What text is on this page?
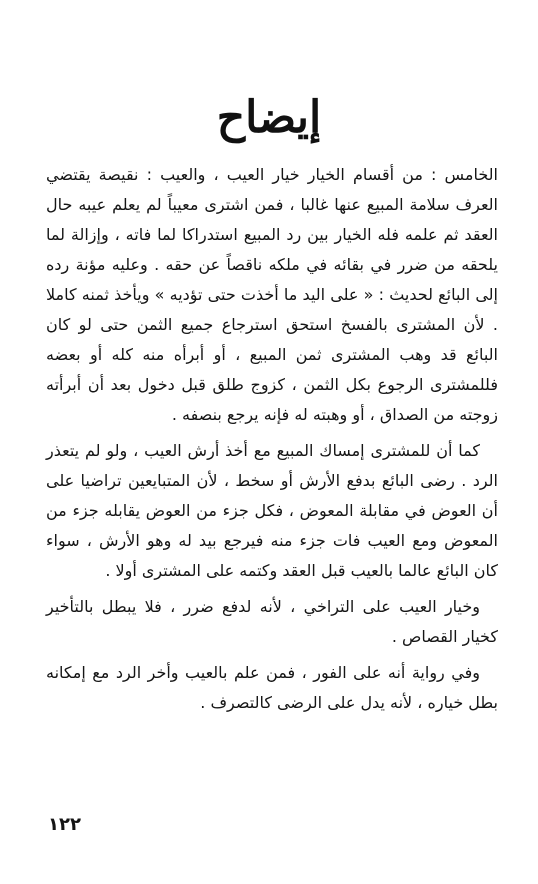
إيضاح

الخامس : من أقسام الخيار خيار العيب ، والعيب : نقيصة يقتضي العرف سلامة المبيع عنها غالبا ، فمن اشترى معيباً لم يعلم عيبه حال العقد ثم علمه فله الخيار بين رد المبيع استدراكا لما فاته ، وإزالة لما يلحقه من ضرر في بقائه في ملكه ناقصاً عن حقه . وعليه مؤنة رده إلى البائع لحديث : « على اليد ما أخذت حتى تؤديه » ويأخذ ثمنه كاملا . لأن المشترى بالفسخ استحق استرجاع جميع الثمن حتى لو كان البائع قد وهب المشترى ثمن المبيع ، أو أبرأه منه كله أو بعضه فللمشترى الرجوع بكل الثمن ، كزوج طلق قبل دخول بعد أن أبرأته زوجته من الصداق ، أو وهبته له فإنه يرجع بنصفه .

كما أن للمشترى إمساك المبيع مع أخذ أرش العيب ، ولو لم يتعذر الرد . رضى البائع بدفع الأرش أو سخط ، لأن المتبايعين تراضيا على أن العوض في مقابلة المعوض ، فكل جزء من العوض يقابله جزء من المعوض ومع العيب فات جزء منه فيرجع بيد له وهو الأرش ، سواء كان البائع عالما بالعيب قبل العقد وكتمه على المشترى أولا .

وخيار العيب على التراخي ، لأنه لدفع ضرر ، فلا يبطل بالتأخير كخيار القصاص .

وفي رواية أنه على الفور ، فمن علم بالعيب وأخر الرد مع إمكانه بطل خياره ، لأنه يدل على الرضى كالتصرف .

١٢٢
